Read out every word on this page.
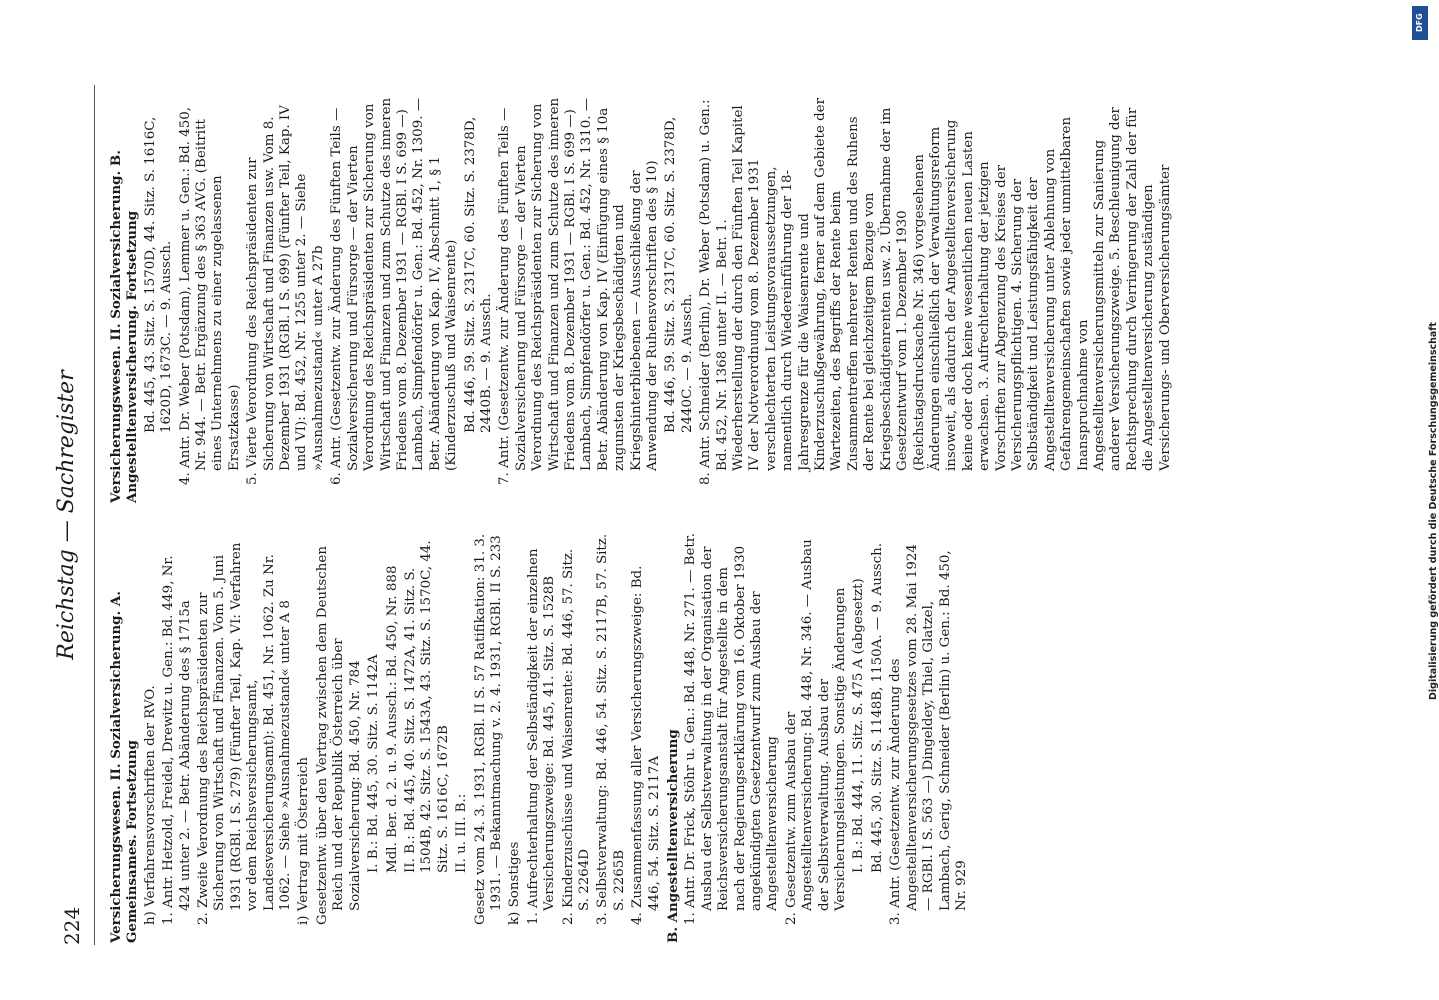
Reichstag — Sachregister
224 Versicherungswesen. II. Sozialversicherung. A. Gemeinsames. Fortsetzung h) Verfahrensvorschriften der RVO. 1. Antr. Hetzold, Freidel, Drewitz u. Gen.: Bd. 449, Nr. 424 unter 2. — Betr. Abänderung des § 1715a 2. Zweite Verordnung des Reichspräsidenten zur Sicherung von Wirtschaft und Finanzen. Vom 5. Juni 1931 (RGBl. I S. 279) (Fünfter Teil, Kap. VI: Verfahren vor dem Reichsversicherungsamt, Landesversicherungsamt): Bd. 451, Nr. 1062. Zu Nr. 1062. — Siehe »Ausnahmezustand« unter A 8 i) Vertrag mit Österreich Gesetzentw. über den Vertrag zwischen dem Deutschen Reich und der Republik Österreich über Sozialversicherung: Bd. 450, Nr. 784 I. B.: Bd. 445, 30. Sitz. S. 1142A Mdl. Ber. d. 2. u. 9. Aussch.: Bd. 450, Nr. 888 II. B.: Bd. 445, 40. Sitz. S. 1472A, 41. Sitz. S. 1504B, 42. Sitz. S. 1543A, 43. Sitz. S. 1570C, 44. Sitz. S. 1616C, 1672B II. u. III. B.: Gesetz vom 24. 3. 1931, RGBl. II S. 57 Ratifikation: 31. 3. 1931. — Bekanntmachung v. 2. 4. 1931, RGBl. II S. 233 k) Sonstiges 1. Aufrechterhaltung der Selbständigkeit der einzelnen Versicherungszweige: Bd. 445, 41. Sitz. S. 1528B 2. Kinderzuschüsse und Waisenrente: Bd. 446, 57. Sitz. S. 2264D 3. Selbstverwaltung: Bd. 446, 54. Sitz. S. 2117B, 57. Sitz. S. 2265B 4. Zusammenfassung aller Versicherungszweige: Bd. 446, 54. Sitz. S. 2117A B. Angestelltenversicherung 1. Antr. Dr. Frick, Stöhr u. Gen.: Bd. 448, Nr. 271. — Betr. Ausbau der Selbstverwaltung in der Organisation der Reichsversicherungsanstalt für Angestellte in dem nach der Regierungserklärung vom 16. Oktober 1930 angekündigten Gesetzentwurf zum Ausbau der Angestelltenversicherung 2. Gesetzentw. zum Ausbau der Angestelltenversicherung: Bd. 448, Nr. 346. — Ausbau der Selbstverwaltung. Ausbau der Versicherungsleistungen. Sonstige Änderungen I. B.: Bd. 444, 11. Sitz. S. 475 A (abgesetzt) Bd. 445, 30. Sitz. S. 1148B, 1150A. — 9. Aussch. 3. Antr. (Gesetzentw. zur Änderung des Angestelltenversicherungsgesetzes vom 28. Mai 1924 — RGBl. I S. 563 —) Dingeldey, Thiel, Glatzel, Lambach, Gerig, Schneider (Berlin) u. Gen.: Bd. 450, Nr. 929

Versicherungswesen. II. Sozialversicherung. B. Angestelltenversicherung. Fortsetzung Bd. 445, 43. Sitz. S. 1570D, 44. Sitz. S. 1616C, 1620D, 1673C. — 9. Aussch. 4. Antr. Dr. Weber (Potsdam), Lemmer u. Gen.: Bd. 450, Nr. 944. — Betr. Ergänzung des § 363 AVG. (Beitritt eines Unternehmens zu einer zugelassenen Ersatzkasse) 5. Vierte Verordnung des Reichspräsidenten zur Sicherung von Wirtschaft und Finanzen usw. Vom 8. Dezember 1931 (RGBl. I S. 699) (Fünfter Teil, Kap. IV und VI): Bd. 452, Nr. 1255 unter 2. — Siehe »Ausnahmezustand« unter A 27b 6. Antr. (Gesetzentw. zur Änderung des Fünften Teils — Sozialversicherung und Fürsorge — der Vierten Verordnung des Reichspräsidenten zur Sicherung von Wirtschaft und Finanzen und zum Schutze des inneren Friedens vom 8. Dezember 1931 — RGBl. I S. 699 —) Lambach, Simpfendörfer u. Gen.: Bd. 452, Nr. 1309. — Betr. Abänderung von Kap. IV, Abschnitt 1, § 1 (Kinderzuschuß und Waisenrente) Bd. 446, 59. Sitz. S. 2317C, 60. Sitz. S. 2378D, 2440B. — 9. Aussch. 7. Antr. (Gesetzentw. zur Änderung des Fünften Teils — Sozialversicherung und Fürsorge — der Vierten Verordnung des Reichspräsidenten zur Sicherung von Wirtschaft und Finanzen und zum Schutze des inneren Friedens vom 8. Dezember 1931 — RGBl. I S. 699 —) Lambach, Simpfendörfer u. Gen.: Bd. 452, Nr. 1310. — Betr. Abänderung von Kap. IV (Einfügung eines § 10a zugunsten der Kriegsbeschädigten und Kriegshinterbliebenen — Ausschließung der Anwendung der Ruhensvorschriften des § 10) Bd. 446, 59. Sitz. S. 2317C, 60. Sitz. S. 2378D, 2440C. — 9. Aussch. 8. Antr. Schneider (Berlin), Dr. Weber (Potsdam) u. Gen.: Bd. 452, Nr. 1368 unter II. — Betr. 1. Wiederherstellung der durch den Fünften Teil Kapitel IV der Notverordnung vom 8. Dezember 1931 verschlechterten Leistungsvoraussetzungen, namentlich durch Wiedereinführung der 18-Jahresgrenze für die Waisenrente und Kinderzuschußgewährung, ferner auf dem Gebiete der Wartezeiten, des Begriffs der Rente beim Zusammentreffen mehrerer Renten und des Ruhens der Rente bei gleichzeitigem Bezuge von Kriegsbeschädigtenrenten usw. 2. Übernahme der im Gesetzentwurf vom 1. Dezember 1930 (Reichstagsdrucksache Nr. 346) vorgesehenen Änderungen einschließlich der Verwaltungsreform insoweit, als dadurch der Angestelltenversicherung keine oder doch keine wesentlichen neuen Lasten erwachsen. 3. Aufrechterhaltung der jetzigen Vorschriften zur Abgrenzung des Kreises der Versicherungspflichtigen. 4. Sicherung der Selbständigkeit und Leistungsfähigkeit der Angestelltenversicherung unter Ablehnung von Gefahrengemeinschaften sowie jeder unmittelbaren Inanspruchnahme von Angestelltenversicherungsmitteln zur Sanierung anderer Versicherungszweige. 5. Beschleunigung der Rechtsprechung durch Verringerung der Zahl der für die Angestelltenversicherung zuständigen Versicherungs- und Oberversicherungsämter

DFG
Digitalisierung gefördert durch die Deutsche Forschungsgemeinschaft
